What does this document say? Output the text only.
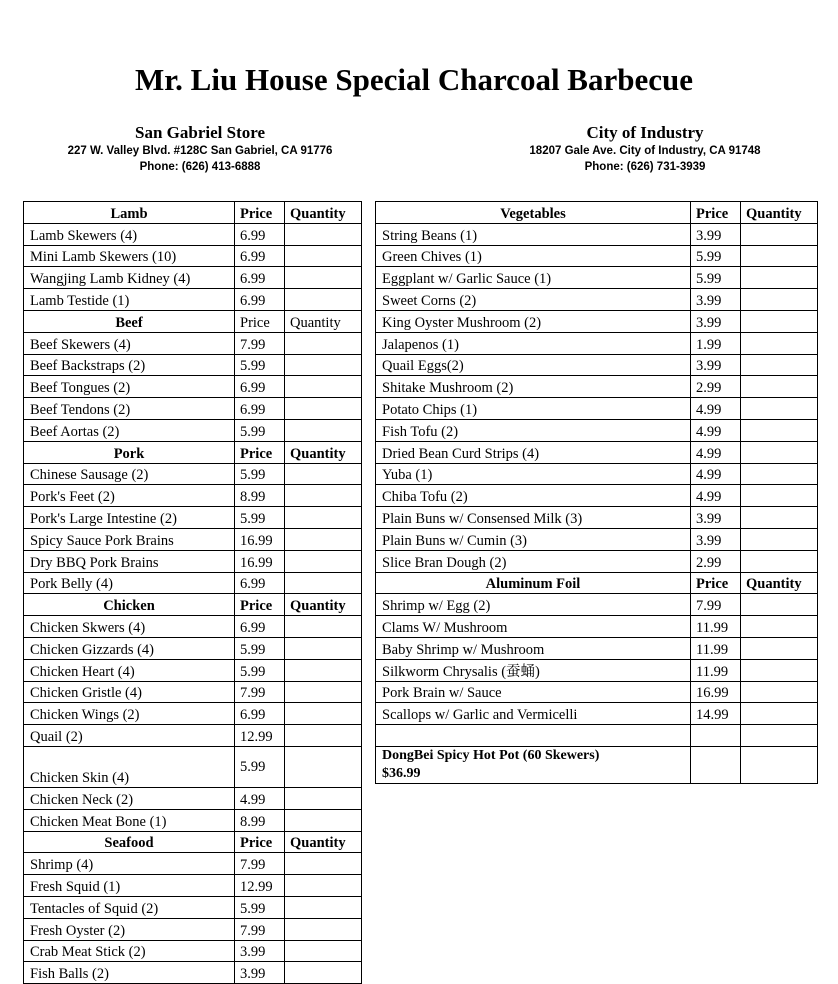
Mr. Liu House Special Charcoal Barbecue
San Gabriel Store
227 W. Valley Blvd. #128C San Gabriel, CA 91776
Phone: (626) 413-6888
City of Industry
18207 Gale Ave. City of Industry, CA 91748
Phone: (626) 731-3939
Lamb	Price	Quantity
Lamb Skewers (4)	6.99	
Mini Lamb Skewers (10)	6.99	
Wangjing Lamb Kidney (4)	6.99	
Lamb Testide (1)	6.99	
Beef	Price	Quantity
Beef Skewers (4)	7.99	
Beef Backstraps (2)	5.99	
Beef Tongues (2)	6.99	
Beef Tendons (2)	6.99	
Beef Aortas (2)	5.99	
Pork	Price	Quantity
Chinese Sausage (2)	5.99	
Pork's Feet (2)	8.99	
Pork's Large Intestine (2)	5.99	
Spicy Sauce Pork Brains	16.99	
Dry BBQ Pork Brains	16.99	
Pork Belly (4)	6.99	
Chicken	Price	Quantity
Chicken Skwers (4)	6.99	
Chicken Gizzards (4)	5.99	
Chicken Heart (4)	5.99	
Chicken Gristle (4)	7.99	
Chicken Wings (2)	6.99	
Quail (2)	12.99	
Chicken Skin (4)	5.99	
Chicken Neck (2)	4.99	
Chicken Meat Bone (1)	8.99	
Seafood	Price	Quantity
Shrimp (4)	7.99	
Fresh Squid (1)	12.99	
Tentacles of Squid (2)	5.99	
Fresh Oyster (2)	7.99	
Crab Meat Stick (2)	3.99	
Fish Balls (2)	3.99	
Vegetables	Price	Quantity
String Beans (1)	3.99	
Green Chives (1)	5.99	
Eggplant w/ Garlic Sauce (1)	5.99	
Sweet Corns (2)	3.99	
King Oyster Mushroom (2)	3.99	
Jalapenos (1)	1.99	
Quail Eggs(2)	3.99	
Shitake Mushroom (2)	2.99	
Potato Chips (1)	4.99	
Fish Tofu (2)	4.99	
Dried Bean Curd Strips (4)	4.99	
Yuba (1)	4.99	
Chiba Tofu (2)	4.99	
Plain Buns w/ Consensed Milk (3)	3.99	
Plain Buns w/ Cumin (3)	3.99	
Slice Bran Dough (2)	2.99	
Aluminum Foil	Price	Quantity
Shrimp w/ Egg (2)	7.99	
Clams W/ Mushroom	11.99	
Baby Shrimp w/ Mushroom	11.99	
Silkworm Chrysalis (蚕蛹)	11.99	
Pork Brain w/ Sauce	16.99	
Scallops w/ Garlic and Vermicelli	14.99	

DongBei Spicy Hot Pot (60 Skewers)
$36.99		
